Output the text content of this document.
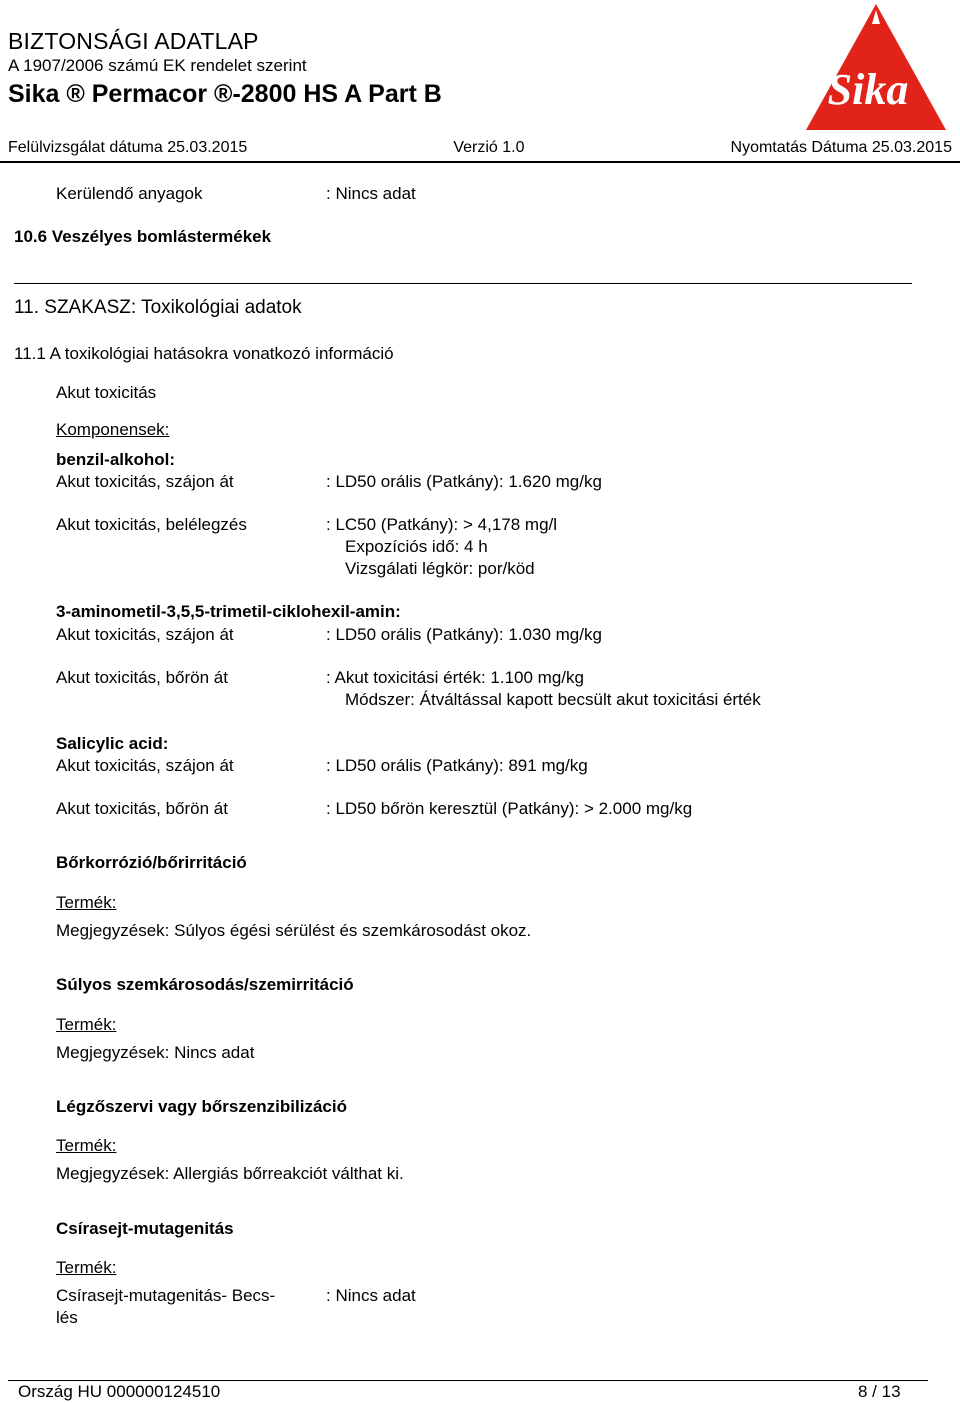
BIZTONSÁGI ADATLAP
A 1907/2006 számú EK rendelet szerint
Sika ® Permacor ®-2800 HS A Part B
Felülvizsgálat dátuma 25.03.2015	Verzió 1.0	Nyomtatás Dátuma 25.03.2015
Sika	R
Kerülendő anyagok	: Nincs adat
10.6 Veszélyes bomlástermékek
11. SZAKASZ: Toxikológiai adatok
11.1 A toxikológiai hatásokra vonatkozó információ
Akut toxicitás
Komponensek:
benzil-alkohol:
Akut toxicitás, szájon át	: LD50 orális (Patkány): 1.620 mg/kg
Akut toxicitás, belélegzés	: LC50 (Patkány): > 4,178 mg/l
Expozíciós idő: 4 h
Vizsgálati légkör: por/köd
3-aminometil-3,5,5-trimetil-ciklohexil-amin:
Akut toxicitás, szájon át	: LD50 orális (Patkány): 1.030 mg/kg
Akut toxicitás, bőrön át	: Akut toxicitási érték: 1.100 mg/kg
Módszer: Átváltással kapott becsült akut toxicitási érték
Salicylic acid:
Akut toxicitás, szájon át	: LD50 orális (Patkány): 891 mg/kg
Akut toxicitás, bőrön át	: LD50 bőrön keresztül (Patkány): > 2.000 mg/kg
Bőrkorrózió/bőrirritáció
Termék:
Megjegyzések: Súlyos égési sérülést és szemkárosodást okoz.
Súlyos szemkárosodás/szemirritáció
Termék:
Megjegyzések: Nincs adat
Légzőszervi vagy bőrszenzibilizáció
Termék:
Megjegyzések: Allergiás bőrreakciót válthat ki.
Csírasejt-mutagenitás
Termék:
Csírasejt-mutagenitás- Becs-
lés
: Nincs adat
Ország HU 000000124510	8 / 13
